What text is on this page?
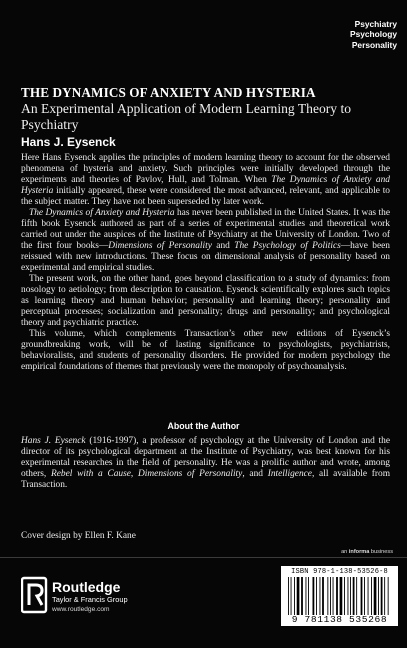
Psychiatry
Psychology
Personality
THE DYNAMICS OF ANXIETY AND HYSTERIA
An Experimental Application of Modern Learning Theory to Psychiatry
Hans J. Eysenck

Here Hans Eysenck applies the principles of modern learning theory to account for the observed phenomena of hysteria and anxiety. Such principles were initially developed through the experiments and theories of Pavlov, Hull, and Tolman. When The Dynamics of Anxiety and Hysteria initially appeared, these were considered the most advanced, relevant, and applicable to the subject matter. They have not been superseded by later work.

The Dynamics of Anxiety and Hysteria has never been published in the United States. It was the fifth book Eysenck authored as part of a series of experimental studies and theoretical work carried out under the auspices of the Institute of Psychiatry at the University of London. Two of the first four books—Dimensions of Personality and The Psychology of Politics—have been reissued with new introductions. These focus on dimensional analysis of personality based on experimental and empirical studies.

The present work, on the other hand, goes beyond classification to a study of dynamics: from nosology to aetiology; from description to causation. Eysenck scientifically explores such topics as learning theory and human behavior; personality and learning theory; personality and perceptual processes; socialization and personality; drugs and personality; and psychological theory and psychiatric practice.

This volume, which complements Transaction’s other new editions of Eysenck’s groundbreaking work, will be of lasting significance to psychologists, psychiatrists, behavioralists, and students of personality disorders. He provided for modern psychology the empirical foundations of themes that previously were the monopoly of psychoanalysis.

About the Author

Hans J. Eysenck (1916-1997), a professor of psychology at the University of London and the director of its psychological department at the Institute of Psychiatry, was best known for his experimental researches in the field of personality. He was a prolific author and wrote, among others, Rebel with a Cause, Dimensions of Personality, and Intelligence, all available from Transaction.

Cover design by Ellen F. Kane
an informa business
Routledge
Taylor & Francis Group
www.routledge.com
ISBN 978-1-138-53526-8
9 781138 535268
